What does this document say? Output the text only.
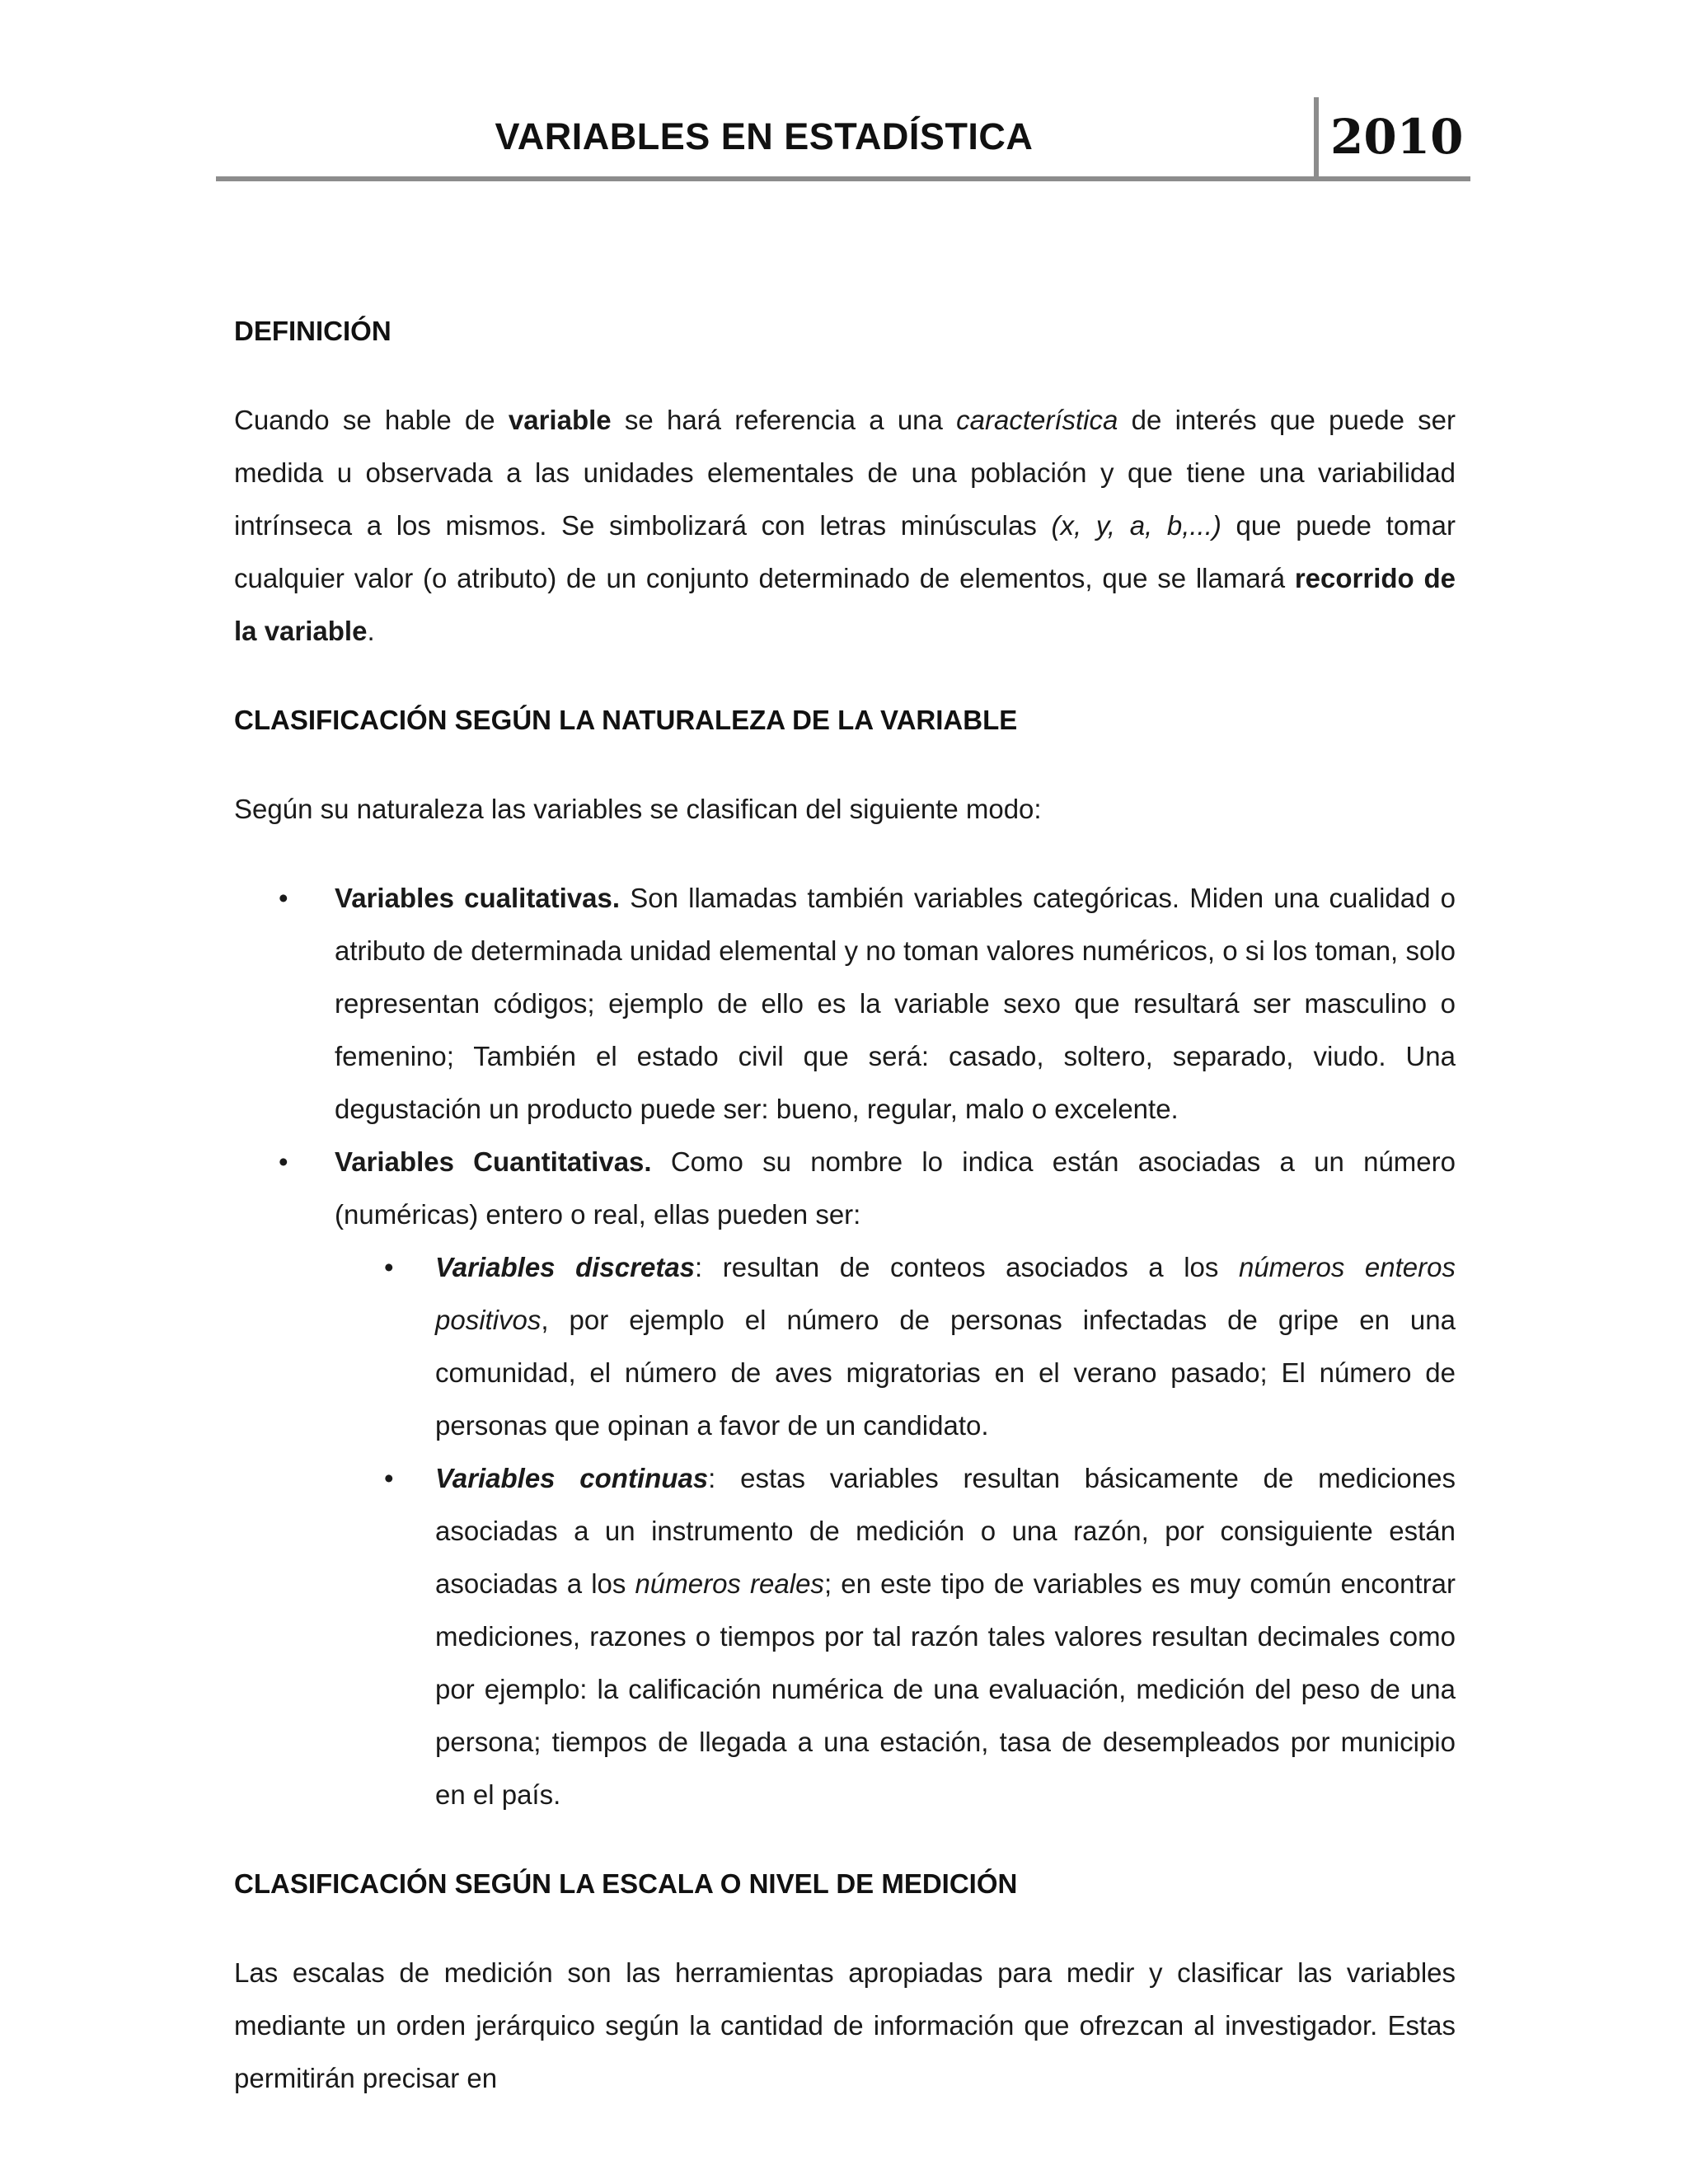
VARIABLES EN ESTADÍSTICA	2010
DEFINICIÓN

Cuando se hable de variable se hará referencia a una característica de interés que puede ser medida u observada a las unidades elementales de una población y que tiene una variabilidad intrínseca a los mismos. Se simbolizará con letras minúsculas (x, y, a, b,...) que puede tomar cualquier valor (o atributo) de un conjunto determinado de elementos, que se llamará recorrido de la variable.

CLASIFICACIÓN SEGÚN LA NATURALEZA DE LA VARIABLE

Según su naturaleza las variables se clasifican del siguiente modo:

• Variables cualitativas. Son llamadas también variables categóricas. Miden una cualidad o atributo de determinada unidad elemental y no toman valores numéricos, o si los toman, solo representan códigos; ejemplo de ello es la variable sexo que resultará ser masculino o femenino; También el estado civil que será: casado, soltero, separado, viudo. Una degustación un producto puede ser: bueno, regular, malo o excelente.
• Variables Cuantitativas. Como su nombre lo indica están asociadas a un número (numéricas) entero o real, ellas pueden ser:
• Variables discretas: resultan de conteos asociados a los números enteros positivos, por ejemplo el número de personas infectadas de gripe en una comunidad, el número de aves migratorias en el verano pasado; El número de personas que opinan a favor de un candidato.
• Variables continuas: estas variables resultan básicamente de mediciones asociadas a un instrumento de medición o una razón, por consiguiente están asociadas a los números reales; en este tipo de variables es muy común encontrar mediciones, razones o tiempos por tal razón tales valores resultan decimales como por ejemplo: la calificación numérica de una evaluación, medición del peso de una persona; tiempos de llegada a una estación, tasa de desempleados por municipio en el país.
CLASIFICACIÓN SEGÚN LA ESCALA O NIVEL DE MEDICIÓN

Las escalas de medición son las herramientas apropiadas para medir y clasificar las variables mediante un orden jerárquico según la cantidad de información que ofrezcan al investigador. Estas permitirán precisar en
